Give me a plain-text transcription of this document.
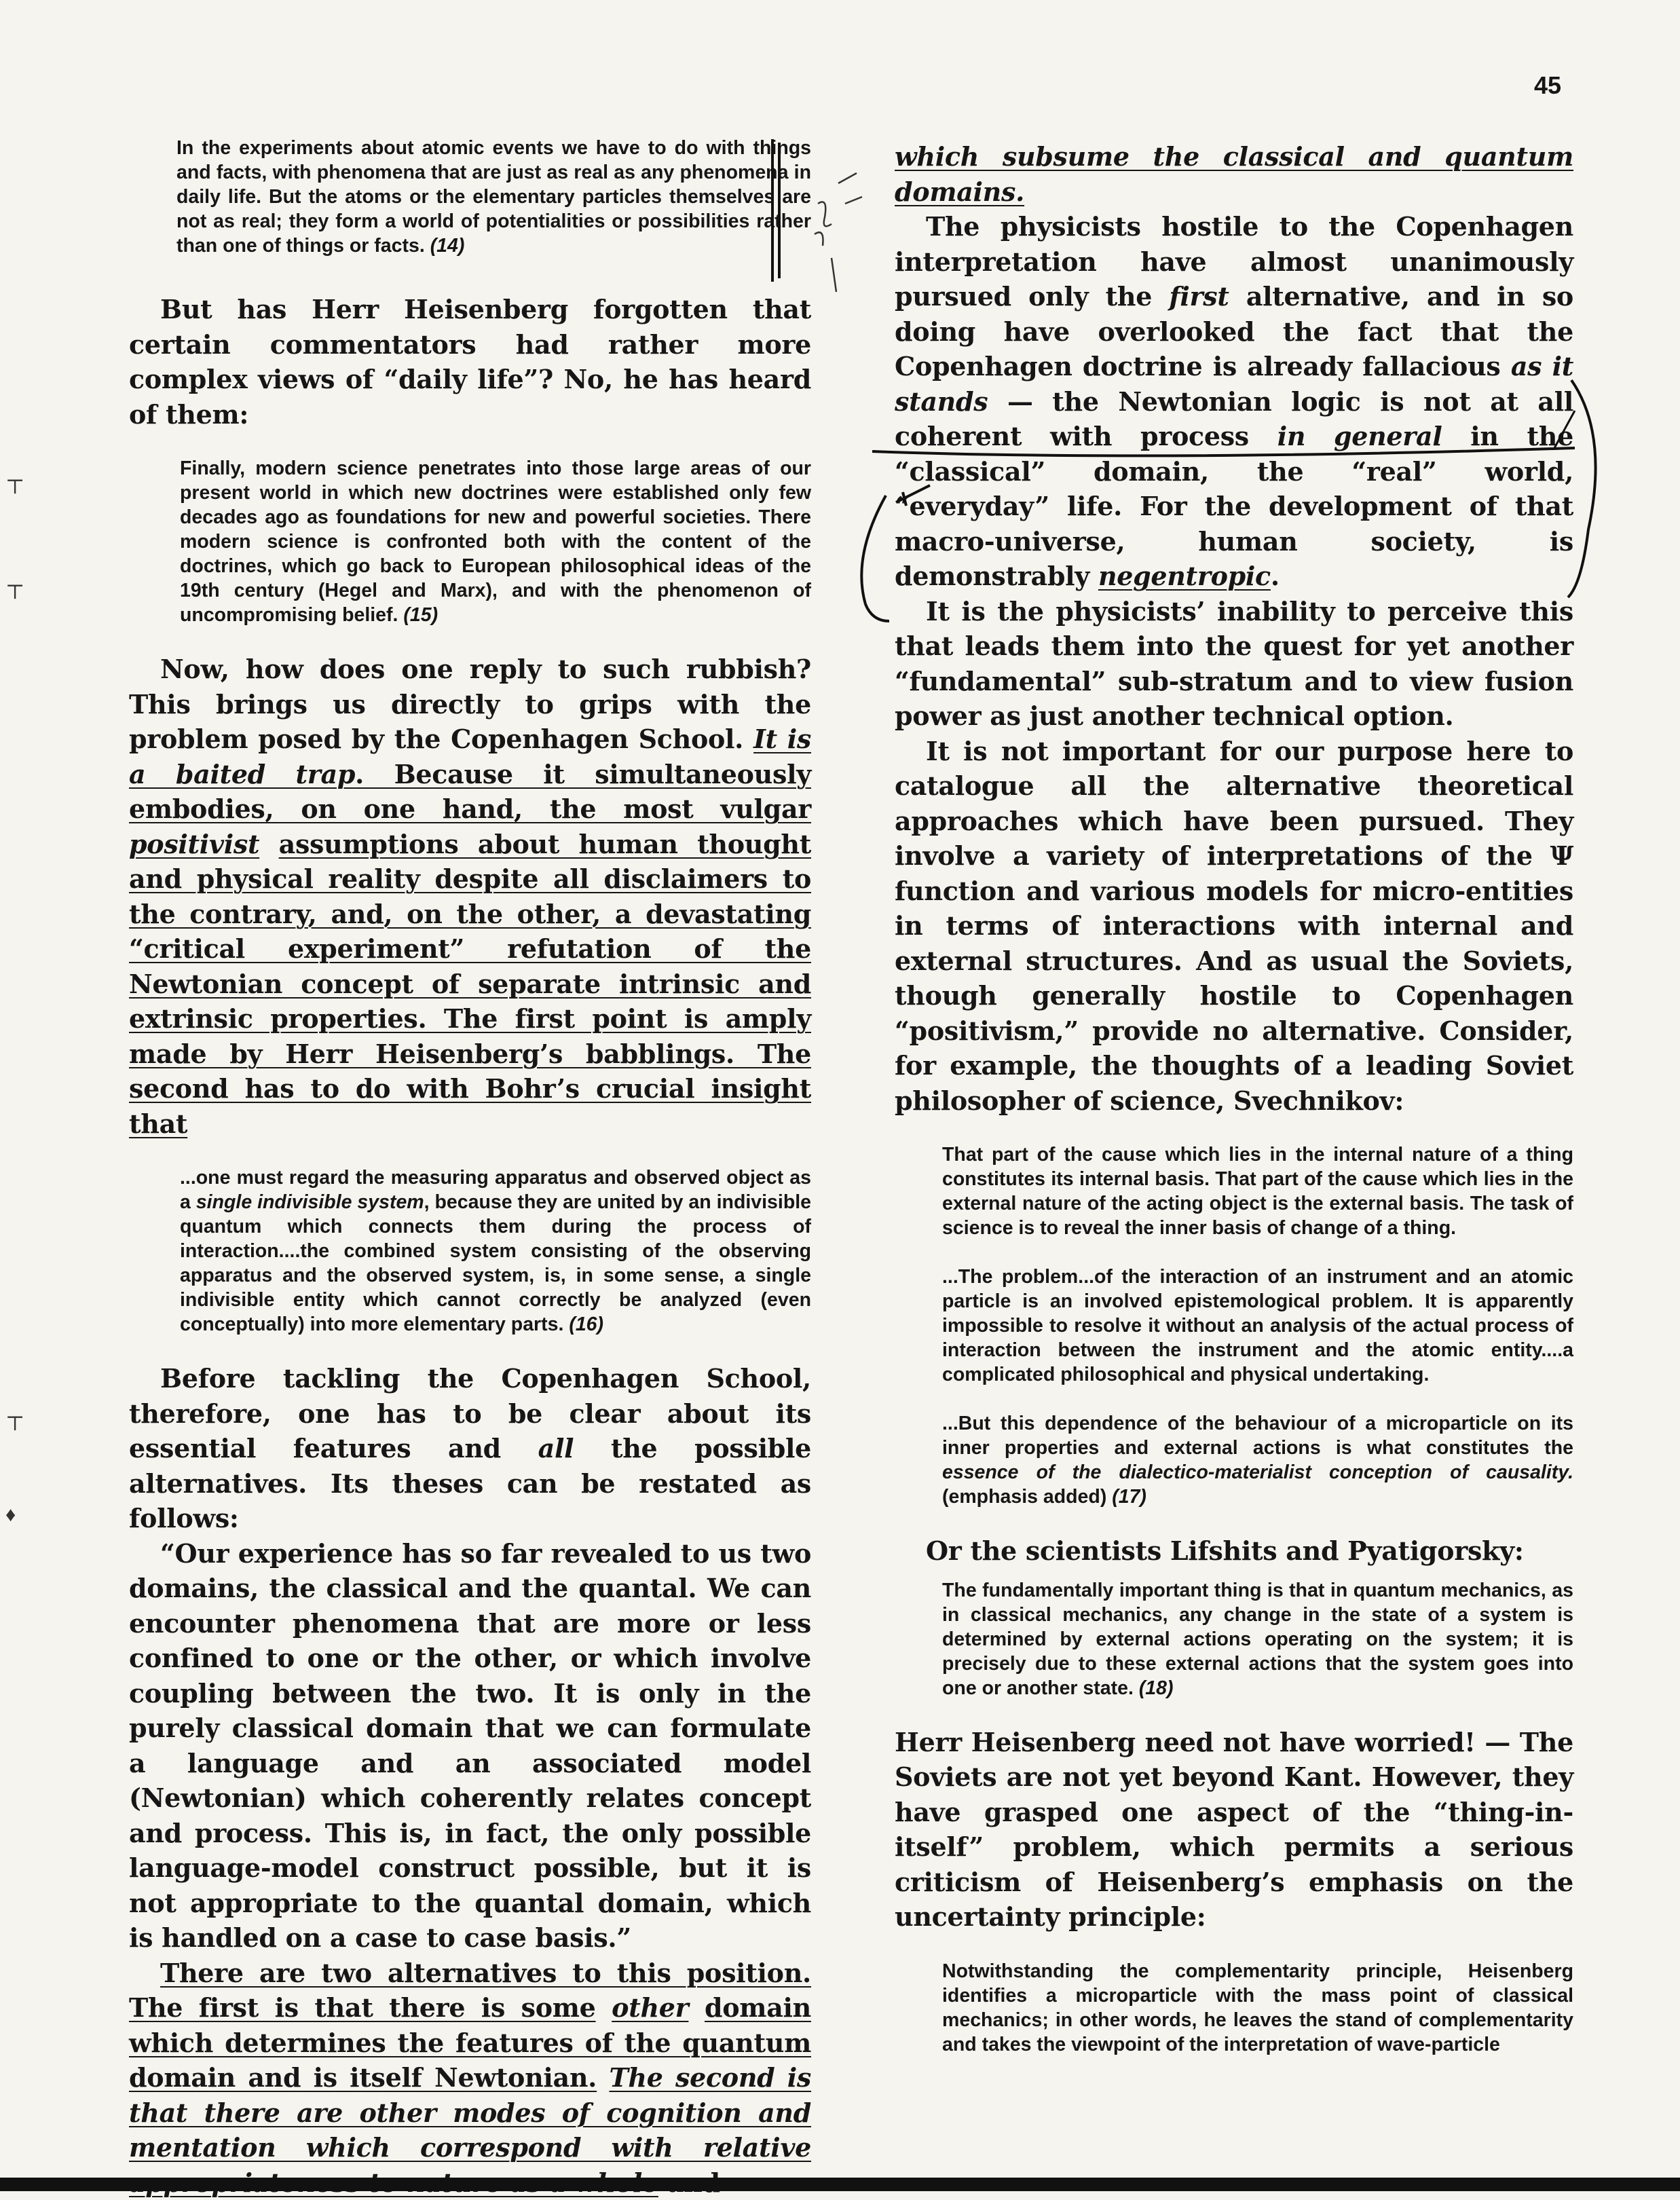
45

In the experiments about atomic events we have to do with things and facts, with phenomena that are just as real as any phenomena in daily life. But the atoms or the elementary particles themselves are not as real; they form a world of potentialities or possibilities rather than one of things or facts. (14)

But has Herr Heisenberg forgotten that certain commentators had rather more complex views of “daily life”? No, he has heard of them:

Finally, modern science penetrates into those large areas of our present world in which new doctrines were established only few decades ago as foundations for new and powerful societies. There modern science is confronted both with the content of the doctrines, which go back to European philosophical ideas of the 19th century (Hegel and Marx), and with the phenomenon of uncompromising belief. (15)

Now, how does one reply to such rubbish? This brings us directly to grips with the problem posed by the Copenhagen School. It is a baited trap. Because it simultaneously embodies, on one hand, the most vulgar positivist assumptions about human thought and physical reality despite all disclaimers to the contrary, and, on the other, a devastating “critical experiment” refutation of the Newtonian concept of separate intrinsic and extrinsic properties. The first point is amply made by Herr Heisenberg’s babblings. The second has to do with Bohr’s crucial insight that

...one must regard the measuring apparatus and observed object as a single indivisible system, because they are united by an indivisible quantum which connects them during the process of interaction....the combined system consisting of the observing apparatus and the observed system, is, in some sense, a single indivisible entity which cannot correctly be analyzed (even conceptually) into more elementary parts. (16)

Before tackling the Copenhagen School, therefore, one has to be clear about its essential features and all the possible alternatives. Its theses can be restated as follows:

“Our experience has so far revealed to us two domains, the classical and the quantal. We can encounter phenomena that are more or less confined to one or the other, or which involve coupling between the two. It is only in the purely classical domain that we can formulate a language and an associated model (Newtonian) which coherently relates concept and process. This is, in fact, the only possible language-model construct possible, but it is not appropriate to the quantal domain, which is handled on a case to case basis.”

There are two alternatives to this position. The first is that there is some other domain which determines the features of the quantum domain and is itself Newtonian. The second is that there are other modes of cognition and mentation which correspond with relative

which subsume the classical and quantum domains.

The physicists hostile to the Copenhagen interpretation have almost unanimously pursued only the first alternative, and in so doing have overlooked the fact that the Copenhagen doctrine is already fallacious as it stands — the Newtonian logic is not at all coherent with process in general in the “classical” domain, the “real” world, “everyday” life. For the development of that macro-universe, human society, is demonstrably negentropic.

It is the physicists’ inability to perceive this that leads them into the quest for yet another “fundamental” sub-stratum and to view fusion power as just another technical option.

It is not important for our purpose here to catalogue all the alternative theoretical approaches which have been pursued. They involve a variety of interpretations of the Ψ function and various models for micro-entities in terms of interactions with internal and external structures. And as usual the Soviets, though generally hostile to Copenhagen “positivism,” provide no alternative. Consider, for example, the thoughts of a leading Soviet philosopher of science, Svechnikov:

That part of the cause which lies in the internal nature of a thing constitutes its internal basis. That part of the cause which lies in the external nature of the acting object is the external basis. The task of science is to reveal the inner basis of change of a thing.

...The problem...of the interaction of an instrument and an atomic particle is an involved epistemological problem. It is apparently impossible to resolve it without an analysis of the actual process of interaction between the instrument and the atomic entity....a complicated philosophical and physical undertaking.

...But this dependence of the behaviour of a microparticle on its inner properties and external actions is what constitutes the essence of the dialectico-materialist conception of causality. (emphasis added) (17)

Or the scientists Lifshits and Pyatigorsky:

The fundamentally important thing is that in quantum mechanics, as in classical mechanics, any change in the state of a system is determined by external actions operating on the system; it is precisely due to these external actions that the system goes into one or another state. (18)

Herr Heisenberg need not have worried! — The Soviets are not yet beyond Kant. However, they have grasped one aspect of the “thing-in-itself” problem, which permits a serious criticism of Heisenberg’s emphasis on the uncertainty principle:

Notwithstanding the complementarity principle, Heisenberg identifies a microparticle with the mass point of classical mechanics; in other words, he leaves the stand of complementarity and takes the viewpoint of the interpretation of wave-particle

⊤
⊤
⊤
♦
